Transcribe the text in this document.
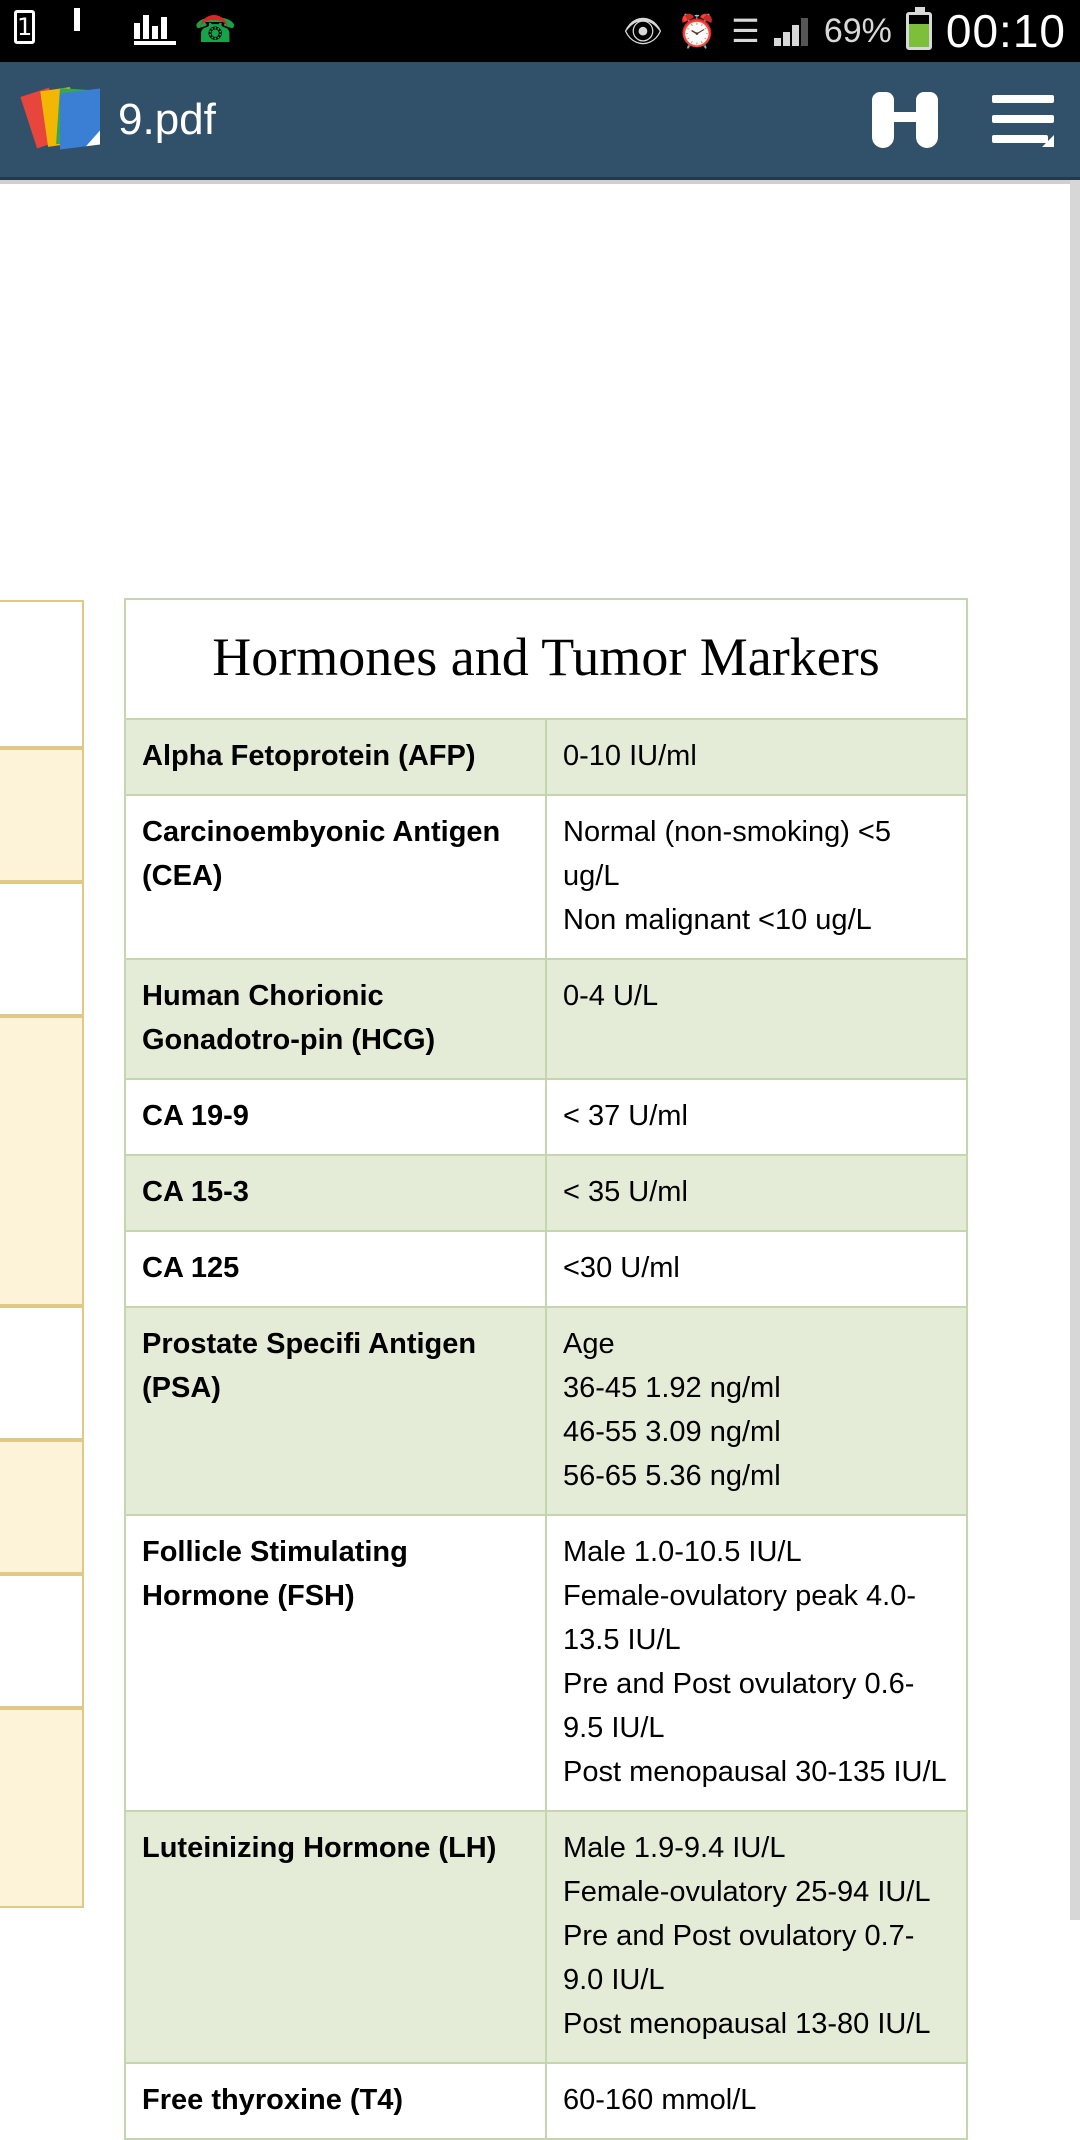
1	☎	👁 ⏰ ☰ 69% 00:10
9.pdf
Hormones and Tumor Markers	
Alpha Fetoprotein (AFP)	0-10 IU/ml

Carcinoembyonic Antigen (CEA)	Normal (non-smoking) <5 ug/L
Non malignant <10 ug/L

Human Chorionic Gonadotro-pin (HCG)	0-4 U/L

CA 19-9	< 37 U/ml

CA 15-3	< 35 U/ml

CA 125	<30 U/ml

Prostate Specifi Antigen (PSA)	Age
36-45 1.92 ng/ml
46-55 3.09 ng/ml
56-65 5.36 ng/ml

Follicle Stimulating Hormone (FSH)	Male 1.0-10.5 IU/L
Female-ovulatory peak 4.0-13.5 IU/L
Pre and Post ovulatory 0.6-9.5 IU/L
Post menopausal 30-135 IU/L

Luteinizing Hormone (LH)	Male 1.9-9.4 IU/L
Female-ovulatory 25-94 IU/L
Pre and Post ovulatory 0.7-9.0 IU/L
Post menopausal 13-80 IU/L

Free thyroxine (T4)	60-160 mmol/L
